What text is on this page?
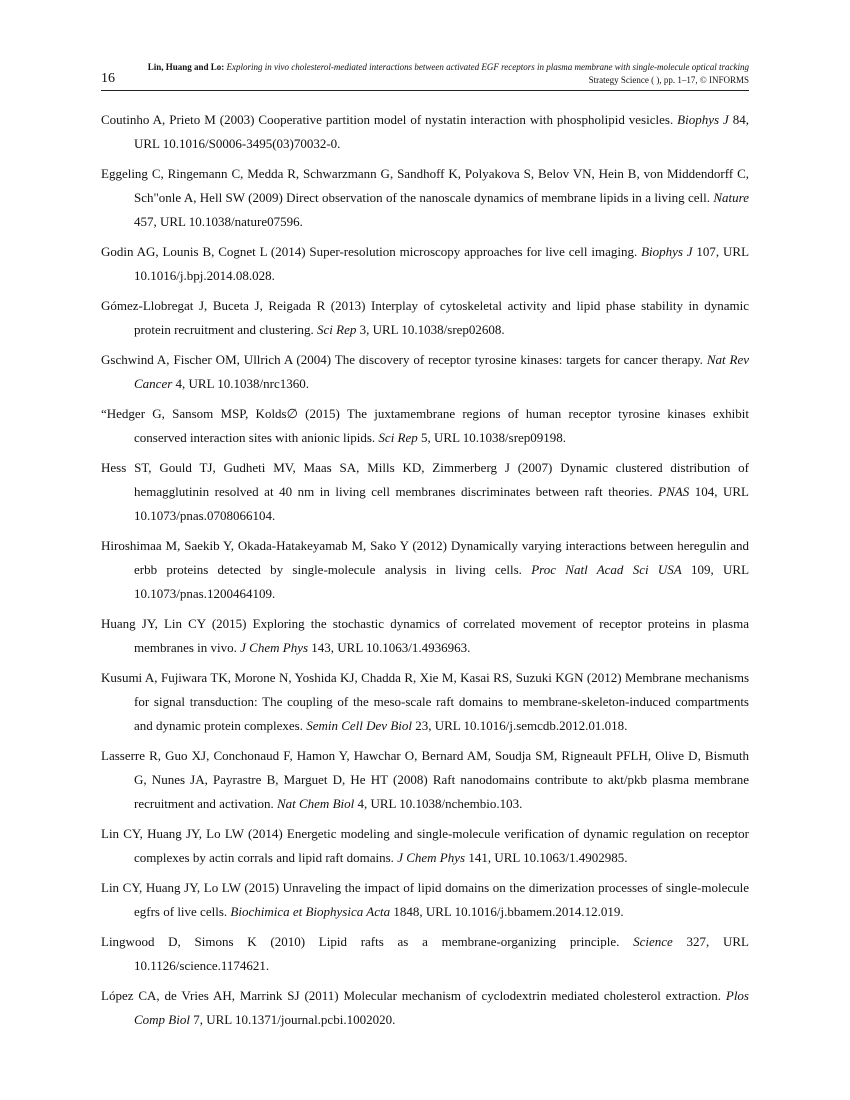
16
Lin, Huang and Lo: Exploring in vivo cholesterol-mediated interactions between activated EGF receptors in plasma membrane with single-molecule optical tracking
Strategy Science ( ), pp. 1–17, © INFORMS

Coutinho A, Prieto M (2003) Cooperative partition model of nystatin interaction with phospholipid vesicles. Biophys J 84, URL 10.1016/S0006-3495(03)70032-0.

Eggeling C, Ringemann C, Medda R, Schwarzmann G, Sandhoff K, Polyakova S, Belov VN, Hein B, von Middendorff C, Sch"onle A, Hell SW (2009) Direct observation of the nanoscale dynamics of membrane lipids in a living cell. Nature 457, URL 10.1038/nature07596.

Godin AG, Lounis B, Cognet L (2014) Super-resolution microscopy approaches for live cell imaging. Biophys J 107, URL 10.1016/j.bpj.2014.08.028.

Gómez-Llobregat J, Buceta J, Reigada R (2013) Interplay of cytoskeletal activity and lipid phase stability in dynamic protein recruitment and clustering. Sci Rep 3, URL 10.1038/srep02608.

Gschwind A, Fischer OM, Ullrich A (2004) The discovery of receptor tyrosine kinases: targets for cancer therapy. Nat Rev Cancer 4, URL 10.1038/nrc1360.

“Hedger G, Sansom MSP, Kolds∅ (2015) The juxtamembrane regions of human receptor tyrosine kinases exhibit conserved interaction sites with anionic lipids. Sci Rep 5, URL 10.1038/srep09198.

Hess ST, Gould TJ, Gudheti MV, Maas SA, Mills KD, Zimmerberg J (2007) Dynamic clustered distribution of hemagglutinin resolved at 40 nm in living cell membranes discriminates between raft theories. PNAS 104, URL 10.1073/pnas.0708066104.

Hiroshimaa M, Saekib Y, Okada-Hatakeyamab M, Sako Y (2012) Dynamically varying interactions between heregulin and erbb proteins detected by single-molecule analysis in living cells. Proc Natl Acad Sci USA 109, URL 10.1073/pnas.1200464109.

Huang JY, Lin CY (2015) Exploring the stochastic dynamics of correlated movement of receptor proteins in plasma membranes in vivo. J Chem Phys 143, URL 10.1063/1.4936963.

Kusumi A, Fujiwara TK, Morone N, Yoshida KJ, Chadda R, Xie M, Kasai RS, Suzuki KGN (2012) Membrane mechanisms for signal transduction: The coupling of the meso-scale raft domains to membrane-skeleton-induced compartments and dynamic protein complexes. Semin Cell Dev Biol 23, URL 10.1016/j.semcdb.2012.01.018.

Lasserre R, Guo XJ, Conchonaud F, Hamon Y, Hawchar O, Bernard AM, Soudja SM, Rigneault PFLH, Olive D, Bismuth G, Nunes JA, Payrastre B, Marguet D, He HT (2008) Raft nanodomains contribute to akt/pkb plasma membrane recruitment and activation. Nat Chem Biol 4, URL 10.1038/nchembio.103.

Lin CY, Huang JY, Lo LW (2014) Energetic modeling and single-molecule verification of dynamic regulation on receptor complexes by actin corrals and lipid raft domains. J Chem Phys 141, URL 10.1063/1.4902985.

Lin CY, Huang JY, Lo LW (2015) Unraveling the impact of lipid domains on the dimerization processes of single-molecule egfrs of live cells. Biochimica et Biophysica Acta 1848, URL 10.1016/j.bbamem.2014.12.019.

Lingwood D, Simons K (2010) Lipid rafts as a membrane-organizing principle. Science 327, URL 10.1126/science.1174621.

López CA, de Vries AH, Marrink SJ (2011) Molecular mechanism of cyclodextrin mediated cholesterol extraction. Plos Comp Biol 7, URL 10.1371/journal.pcbi.1002020.
